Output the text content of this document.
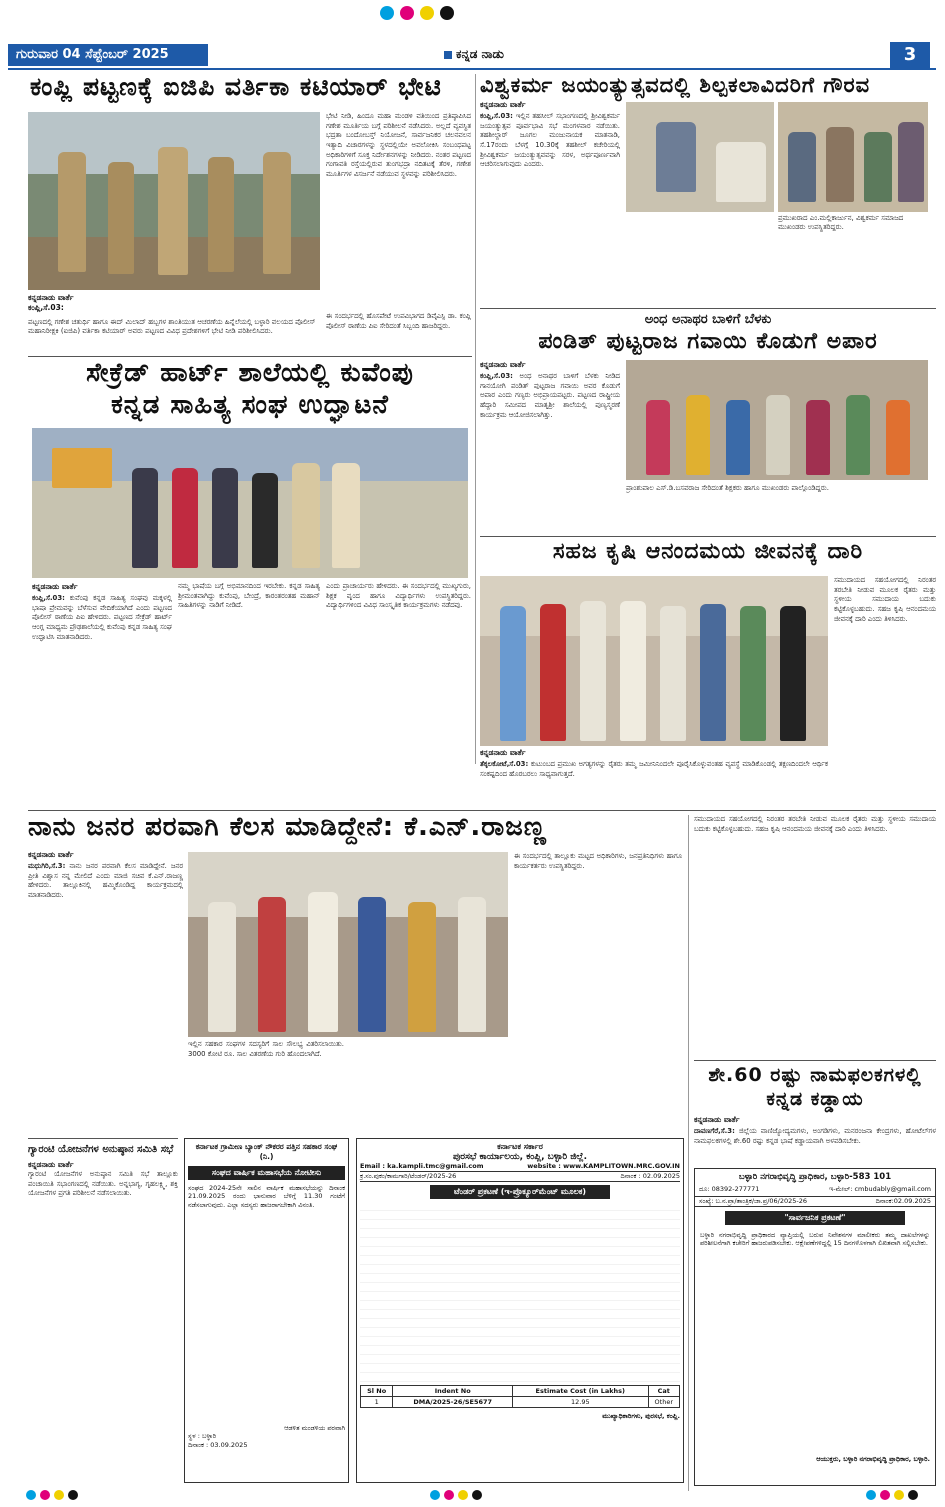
ಗುರುವಾರ 04 ಸೆಪ್ಟೆಂಬರ್ 2025	ಕನ್ನಡ ನಾಡು	3
ಕಂಪ್ಲಿ ಪಟ್ಟಣಕ್ಕೆ ಐಜಿಪಿ ವರ್ತಿಕಾ ಕಟಿಯಾರ್ ಭೇಟಿ
ಭೇಟಿ ನೀಡಿ, ಹಿಂದೂ ಮಹಾ ಮಂಡಳಿ ವತಿಯಿಂದ ಪ್ರತಿಷ್ಠಾಪಿಸಿದ ಗಣೇಶ ಮೂರ್ತಿಯ ಬಗ್ಗೆ ಪರಿಶೀಲನೆ ನಡೆಸಿದರು. ಅಲ್ಲದೆ ವ್ಯವಸ್ಥಿತ ಭದ್ರತಾ ಬಂದೋಬಸ್ತ್ ನಿಯೋಜನೆ, ಸಾರ್ವಜನಿಕರ ಚಲನವಲನ ಇತ್ಯಾದಿ ವಿಚಾರಗಳನ್ನು ಸ್ಥಳದಲ್ಲಿಯೇ ಅವಲೋಕಿಸಿ ಸಂಬಂಧಪಟ್ಟ ಅಧಿಕಾರಿಗಳಿಗೆ ಸೂಕ್ತ ನಿರ್ದೇಶನಗಳನ್ನು ನೀಡಿದರು. ನಂತರ ಪಟ್ಟಣದ ಗಂಗಾವತಿ ರಸ್ತೆಯಲ್ಲಿರುವ ತುಂಗಭದ್ರಾ ನದಿತಟಕ್ಕೆ ತೆರಳಿ, ಗಣೇಶ ಮೂರ್ತಿಗಳ ವಿಸರ್ಜನೆ ನಡೆಯುವ ಸ್ಥಳವನ್ನು ಪರಿಶೀಲಿಸಿದರು.
ಕನ್ನಡನಾಡು ವಾರ್ತೆ
ಕಂಪ್ಲಿ,ಸೆ.03:
ಪಟ್ಟಣದಲ್ಲಿ ಗಣೇಶ ಚತುರ್ಥಿ ಹಾಗೂ ಈದ್ ಮಿಲಾದ್ ಹಬ್ಬಗಳ ಶಾಂತಿಯುತ ಆಚರಣೆಯ ಹಿನ್ನೆಲೆಯಲ್ಲಿ ಬಳ್ಳಾರಿ ವಲಯದ ಪೊಲೀಸ್ ಮಹಾನಿರೀಕ್ಷಕಿ (ಐಜಿಪಿ) ವರ್ತಿಕಾ ಕಟಿಯಾರ್ ಅವರು ಪಟ್ಟಣದ ವಿವಿಧ ಪ್ರದೇಶಗಳಿಗೆ ಭೇಟಿ ನೀಡಿ ಪರಿಶೀಲಿಸಿದರು.
ಈ ಸಂದರ್ಭದಲ್ಲಿ ಹೊಸಪೇಟೆ ಉಪವಿಭಾಗದ ಡಿವೈಎಸ್ಪಿ ಡಾ. ಕಂಪ್ಲಿ ಪೊಲೀಸ್ ಠಾಣೆಯ ಪಿಐ ಸೇರಿದಂತೆ ಸಿಬ್ಬಂದಿ ಹಾಜರಿದ್ದರು.
ವಿಶ್ವಕರ್ಮ ಜಯಂತ್ಯುತ್ಸವದಲ್ಲಿ ಶಿಲ್ಪಕಲಾವಿದರಿಗೆ ಗೌರವ
ಕನ್ನಡನಾಡು ವಾರ್ತೆ
ಕಂಪ್ಲಿ,ಸೆ.03: ಇಲ್ಲಿನ ತಹಸೀಲ್ ಸಭಾಂಗಣದಲ್ಲಿ ಶ್ರೀವಿಶ್ವಕರ್ಮ ಜಯಂತ್ಯುತ್ಸವ ಪೂರ್ವಭಾವಿ ಸಭೆ ಮಂಗಳವಾರ ನಡೆಯಿತು. ತಹಶೀಲ್ದಾರ್ ಜೂಗಲ ಮಂಜುನಾಯಕ ಮಾತನಾಡಿ, ಸೆ.17ರಂದು ಬೆಳಗ್ಗೆ 10.30ಕ್ಕೆ ತಹಶೀಲ್ ಕಚೇರಿಯಲ್ಲಿ ಶ್ರೀವಿಶ್ವಕರ್ಮ ಜಯಂತ್ಯುತ್ಸವವನ್ನು ಸರಳ, ಅರ್ಥಪೂರ್ಣವಾಗಿ ಆಚರಿಸಲಾಗುವುದು ಎಂದರು.
ಪ್ರಮುಖರಾದ ಎಂ.ಮಲ್ಲಿಕಾರ್ಜುನ, ವಿಶ್ವಕರ್ಮ ಸಮಾಜದ ಮುಖಂಡರು ಉಪಸ್ಥಿತರಿದ್ದರು.
ಅಂಧ ಅನಾಥರ ಬಾಳಿಗೆ ಬೆಳಕು
ಪಂಡಿತ್ ಪುಟ್ಟರಾಜ ಗವಾಯಿ ಕೊಡುಗೆ ಅಪಾರ
ಕನ್ನಡನಾಡು ವಾರ್ತೆ
ಕಂಪ್ಲಿ,ಸೆ.03: ಅಂಧ ಅನಾಥರ ಬಾಳಿಗೆ ಬೆಳಕು ನೀಡಿದ ಗಾನಯೋಗಿ ಪಂಡಿತ್ ಪುಟ್ಟರಾಜ ಗವಾಯಿ ಅವರ ಕೊಡುಗೆ ಅಪಾರ ಎಂದು ಗಣ್ಯರು ಅಭಿಪ್ರಾಯಪಟ್ಟರು. ಪಟ್ಟಣದ ರಾಷ್ಟ್ರೀಯ ಹೆದ್ದಾರಿ ಸಮೀಪದ ಮಾತೃಶ್ರೀ ಶಾಲೆಯಲ್ಲಿ ಪುಣ್ಯಸ್ಮರಣೆ ಕಾರ್ಯಕ್ರಮ ಆಯೋಜಿಸಲಾಗಿತ್ತು.
ಪ್ರಾಂಶುಪಾಲ ಎಸ್.ಡಿ.ಬಸವರಾಜ ಸೇರಿದಂತೆ ಶಿಕ್ಷಕರು ಹಾಗೂ ಮುಖಂಡರು ಪಾಲ್ಗೊಂಡಿದ್ದರು.
ಸೇಕ್ರೆಡ್ ಹಾರ್ಟ್ ಶಾಲೆಯಲ್ಲಿ ಕುವೆಂಪು
ಕನ್ನಡ ಸಾಹಿತ್ಯ ಸಂಘ ಉದ್ಘಾಟನೆ
ಕನ್ನಡನಾಡು ವಾರ್ತೆ
ಕಂಪ್ಲಿ,ಸೆ.03: ಕುವೆಂಪು ಕನ್ನಡ ಸಾಹಿತ್ಯ ಸಂಘವು ಮಕ್ಕಳಲ್ಲಿ ಭಾಷಾ ಪ್ರೇಮವನ್ನು ಬೆಳೆಸುವ ವೇದಿಕೆಯಾಗಿದೆ ಎಂದು ಪಟ್ಟಣದ ಪೊಲೀಸ್ ಠಾಣೆಯ ಪಿಐ ಹೇಳಿದರು. ಪಟ್ಟಣದ ಸೇಕ್ರೆಡ್ ಹಾರ್ಟ್ ಆಂಗ್ಲ ಮಾಧ್ಯಮ ಪ್ರೌಢಶಾಲೆಯಲ್ಲಿ ಕುವೆಂಪು ಕನ್ನಡ ಸಾಹಿತ್ಯ ಸಂಘ ಉದ್ಘಾಟಿಸಿ ಮಾತನಾಡಿದರು.
ನಮ್ಮ ಭಾಷೆಯ ಬಗ್ಗೆ ಅಭಿಮಾನದಿಂದ ಇರಬೇಕು. ಕನ್ನಡ ಸಾಹಿತ್ಯ ಶ್ರೀಮಂತವಾಗಿದ್ದು ಕುವೆಂಪು, ಬೇಂದ್ರೆ, ಕಾರಂತರಂತಹ ಮಹಾನ್ ಸಾಹಿತಿಗಳನ್ನು ನಾಡಿಗೆ ನೀಡಿದೆ.
ಎಂದು ಪ್ರಾಚಾರ್ಯರು ಹೇಳಿದರು. ಈ ಸಂದರ್ಭದಲ್ಲಿ ಮುಖ್ಯಗುರು, ಶಿಕ್ಷಕ ವೃಂದ ಹಾಗೂ ವಿದ್ಯಾರ್ಥಿಗಳು ಉಪಸ್ಥಿತರಿದ್ದರು. ವಿದ್ಯಾರ್ಥಿಗಳಿಂದ ವಿವಿಧ ಸಾಂಸ್ಕೃತಿಕ ಕಾರ್ಯಕ್ರಮಗಳು ನಡೆದವು.
ಸಹಜ ಕೃಷಿ ಆನಂದಮಯ ಜೀವನಕ್ಕೆ ದಾರಿ
ಸಮುದಾಯದ ಸಹಯೋಗದಲ್ಲಿ ನಿರಂತರ ತರಬೇತಿ ನೀಡುವ ಮೂಲಕ ರೈತರು ಮತ್ತು ಸ್ಥಳೀಯ ಸಮುದಾಯ ಬದುಕು ಕಟ್ಟಿಕೊಳ್ಳಬಹುದು. ಸಹಜ ಕೃಷಿ ಆನಂದಮಯ ಜೀವನಕ್ಕೆ ದಾರಿ ಎಂದು ತಿಳಿಸಿದರು.
ಕನ್ನಡನಾಡು ವಾರ್ತೆ
ತೆಕ್ಕಲಕೋಟೆ,ಸೆ.03: ಕುಟುಂಬದ ಪ್ರಮುಖ ಅಗತ್ಯಗಳನ್ನು ರೈತರು ತಮ್ಮ ಜಮೀನಿನಿಂದಲೇ ಪೂರೈಸಿಕೊಳ್ಳುವಂತಹ ವ್ಯವಸ್ಥೆ ಮಾಡಿಕೊಂಡಲ್ಲಿ ತಕ್ಷಣದಿಂದಲೇ ಆರ್ಥಿಕ ಸಂಕಷ್ಟದಿಂದ ಹೊರಬರಲು ಸಾಧ್ಯವಾಗುತ್ತದೆ.
ನಾನು ಜನರ ಪರವಾಗಿ ಕೆಲಸ ಮಾಡಿದ್ದೇನೆ: ಕೆ.ಎನ್.ರಾಜಣ್ಣ
ಕನ್ನಡನಾಡು ವಾರ್ತೆ
ಮಧುಗಿರಿ,ಸೆ.3: ನಾನು ಜನರ ಪರವಾಗಿ ಕೆಲಸ ಮಾಡಿದ್ದೇನೆ. ಜನರ ಪ್ರೀತಿ ವಿಶ್ವಾಸ ನನ್ನ ಮೇಲಿದೆ ಎಂದು ಮಾಜಿ ಸಚಿವ ಕೆ.ಎನ್.ರಾಜಣ್ಣ ಹೇಳಿದರು. ತಾಲ್ಲೂಕಿನಲ್ಲಿ ಹಮ್ಮಿಕೊಂಡಿದ್ದ ಕಾರ್ಯಕ್ರಮದಲ್ಲಿ ಮಾತನಾಡಿದರು.
ಇಲ್ಲಿನ ಸಹಕಾರ ಸಂಘಗಳ ಸದಸ್ಯರಿಗೆ ಸಾಲ ಸೌಲಭ್ಯ ವಿತರಿಸಲಾಯಿತು. 3000 ಕೋಟಿ ರೂ. ಸಾಲ ವಿತರಣೆಯ ಗುರಿ ಹೊಂದಲಾಗಿದೆ.
ಈ ಸಂದರ್ಭದಲ್ಲಿ ತಾಲ್ಲೂಕು ಮಟ್ಟದ ಅಧಿಕಾರಿಗಳು, ಜನಪ್ರತಿನಿಧಿಗಳು ಹಾಗೂ ಕಾರ್ಯಕರ್ತರು ಉಪಸ್ಥಿತರಿದ್ದರು.
ಸಮುದಾಯದ ಸಹಯೋಗದಲ್ಲಿ ನಿರಂತರ ತರಬೇತಿ ನೀಡುವ ಮೂಲಕ ರೈತರು ಮತ್ತು ಸ್ಥಳೀಯ ಸಮುದಾಯ ಬದುಕು ಕಟ್ಟಿಕೊಳ್ಳಬಹುದು. ಸಹಜ ಕೃಷಿ ಆನಂದಮಯ ಜೀವನಕ್ಕೆ ದಾರಿ ಎಂದು ತಿಳಿಸಿದರು.
ಶೇ.60 ರಷ್ಟು ನಾಮಫಲಕಗಳಲ್ಲಿ
ಕನ್ನಡ ಕಡ್ಡಾಯ
ಕನ್ನಡನಾಡು ವಾರ್ತೆ
ದಾವಣಗೆರೆ,ಸೆ.3: ಜಿಲ್ಲೆಯ ವಾಣಿಜ್ಯೋದ್ಯಮಗಳು, ಅಂಗಡಿಗಳು, ಮನರಂಜನಾ ಕೇಂದ್ರಗಳು, ಹೋಟೆಲ್‌ಗಳ ನಾಮಫಲಕಗಳಲ್ಲಿ ಶೇ.60 ರಷ್ಟು ಕನ್ನಡ ಭಾಷೆ ಕಡ್ಡಾಯವಾಗಿ ಅಳವಡಿಸಬೇಕು.
ಬಳ್ಳಾರಿ ನಗರಾಭಿವೃದ್ಧಿ ಪ್ರಾಧಿಕಾರ, ಬಳ್ಳಾರಿ-583 101
ದೂ: 08392-277771	ಇ-ಮೇಲ್: cmbudably@gmail.com
ಸಂಖ್ಯೆ: ಬ.ನ.ಪ್ರಾ/ತಾಂತ್ರಿಕ/ಜಾ.ಪ್ರ/06/2025-26	ದಿನಾಂಕ:02.09.2025
"ಸಾರ್ವಜನಿಕ ಪ್ರಕಟಣೆ"
ಬಳ್ಳಾರಿ ನಗರಾಭಿವೃದ್ಧಿ ಪ್ರಾಧಿಕಾರದ ವ್ಯಾಪ್ತಿಯಲ್ಲಿ ಬರುವ ನಿವೇಶನಗಳ ಮಾಲೀಕರು ತಮ್ಮ ದಾಖಲೆಗಳನ್ನು ಪರಿಶೀಲನೆಗಾಗಿ ಕಚೇರಿಗೆ ಹಾಜರುಪಡಿಸಬೇಕು. ಆಕ್ಷೇಪಣೆಗಳಿದ್ದಲ್ಲಿ 15 ದಿನಗಳೊಳಗಾಗಿ ಲಿಖಿತವಾಗಿ ಸಲ್ಲಿಸಬೇಕು.
ಆಯುಕ್ತರು, ಬಳ್ಳಾರಿ ನಗರಾಭಿವೃದ್ಧಿ ಪ್ರಾಧಿಕಾರ, ಬಳ್ಳಾರಿ.
ಗ್ಯಾರಂಟಿ ಯೋಜನೆಗಳ ಅನುಷ್ಠಾನ ಸಮಿತಿ ಸಭೆ
ಕನ್ನಡನಾಡು ವಾರ್ತೆ
ಗ್ಯಾರಂಟಿ ಯೋಜನೆಗಳ ಅನುಷ್ಠಾನ ಸಮಿತಿ ಸಭೆ ತಾಲ್ಲೂಕು ಪಂಚಾಯಿತಿ ಸಭಾಂಗಣದಲ್ಲಿ ನಡೆಯಿತು. ಅನ್ನಭಾಗ್ಯ, ಗೃಹಲಕ್ಷ್ಮಿ, ಶಕ್ತಿ ಯೋಜನೆಗಳ ಪ್ರಗತಿ ಪರಿಶೀಲನೆ ನಡೆಸಲಾಯಿತು.
ಕರ್ನಾಟಕ ಗ್ರಾಮೀಣ ಬ್ಯಾಂಕ್ ನೌಕರರ ಪತ್ತಿನ ಸಹಕಾರ ಸಂಘ (ನಿ.)
ಸಂಘದ ವಾರ್ಷಿಕ ಮಹಾಸಭೆಯ ನೋಟೀಸು
ಸಂಘದ 2024-25ನೇ ಸಾಲಿನ ವಾರ್ಷಿಕ ಮಹಾಸಭೆಯನ್ನು ದಿನಾಂಕ 21.09.2025 ರಂದು ಭಾನುವಾರ ಬೆಳಿಗ್ಗೆ 11.30 ಗಂಟೆಗೆ ನಡೆಸಲಾಗುವುದು. ಎಲ್ಲಾ ಸದಸ್ಯರು ಹಾಜರಾಗಬೇಕಾಗಿ ವಿನಂತಿ.
ಆಡಳಿತ ಮಂಡಳಿಯ ಪರವಾಗಿ
ಸ್ಥಳ : ಬಳ್ಳಾರಿ
ದಿನಾಂಕ : 03.09.2025
ಕರ್ನಾಟಕ ಸರ್ಕಾರ
ಪುರಸಭೆ ಕಾರ್ಯಾಲಯ, ಕಂಪ್ಲಿ, ಬಳ್ಳಾರಿ ಜಿಲ್ಲೆ.
Email : ka.kampli.tmc@gmail.com	website : www.KAMPLITOWN.MRC.GOV.IN
ಕ್ರ.ಸಂ.ಪುಕಂ/ಕಾಮಗಾರಿ/ಟೆಂಡರ್/2025-26	ದಿನಾಂಕ : 02.09.2025
ಟೆಂಡರ್ ಪ್ರಕಟಣೆ (ಇ-ಪ್ರೊಕ್ಯೂರ್‌ಮೆಂಟ್ ಮೂಲಕ)
Sl No	Indent No	Estimate Cost (in Lakhs)	Cat
1	DMA/2025-26/SE5677	12.95	Other
ಮುಖ್ಯಾಧಿಕಾರಿಗಳು, ಪುರಸಭೆ, ಕಂಪ್ಲಿ.
